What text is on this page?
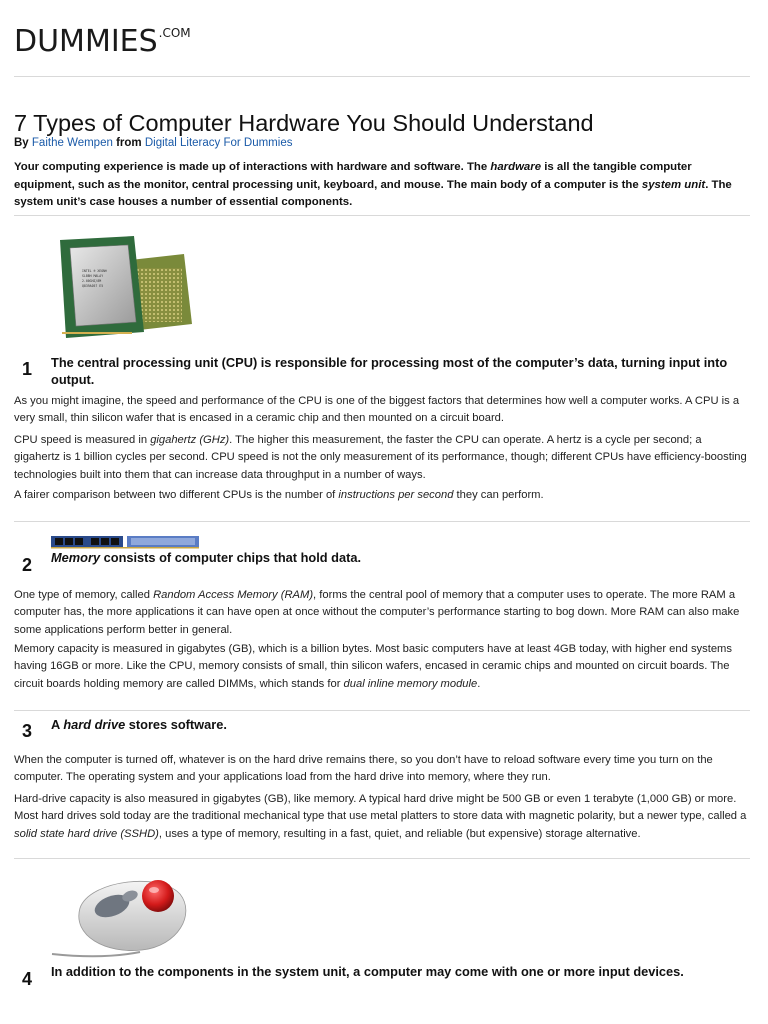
$DUMMIES^{.COM}$
7 Types of Computer Hardware You Should Understand
By Faithe Wempen from Digital Literacy For Dummies

Your computing experience is made up of interactions with hardware and software. The hardware is all the tangible computer equipment, such as the monitor, central processing unit, keyboard, and mouse. The main body of a computer is the system unit. The system unit’s case houses a number of essential components.

INTEL ® XEON®
SLBBH MALAY
2.00GHZ/8M
Q839A057 E5
1 The central processing unit (CPU) is responsible for processing most of the computer’s data, turning input into output.

As you might imagine, the speed and performance of the CPU is one of the biggest factors that determines how well a computer works. A CPU is a very small, thin silicon wafer that is encased in a ceramic chip and then mounted on a circuit board.

CPU speed is measured in gigahertz (GHz). The higher this measurement, the faster the CPU can operate. A hertz is a cycle per second; a gigahertz is 1 billion cycles per second. CPU speed is not the only measurement of its performance, though; different CPUs have efficiency-boosting technologies built into them that can increase data throughput in a number of ways.

A fairer comparison between two different CPUs is the number of instructions per second they can perform.

2 Memory consists of computer chips that hold data.

One type of memory, called Random Access Memory (RAM), forms the central pool of memory that a computer uses to operate. The more RAM a computer has, the more applications it can have open at once without the computer’s performance starting to bog down. More RAM can also make some applications perform better in general.

Memory capacity is measured in gigabytes (GB), which is a billion bytes. Most basic computers have at least 4GB today, with higher end systems having 16GB or more. Like the CPU, memory consists of small, thin silicon wafers, encased in ceramic chips and mounted on circuit boards. The circuit boards holding memory are called DIMMs, which stands for dual inline memory module.

3 A hard drive stores software.

When the computer is turned off, whatever is on the hard drive remains there, so you don’t have to reload software every time you turn on the computer. The operating system and your applications load from the hard drive into memory, where they run.

Hard-drive capacity is also measured in gigabytes (GB), like memory. A typical hard drive might be 500 GB or even 1 terabyte (1,000 GB) or more. Most hard drives sold today are the traditional mechanical type that use metal platters to store data with magnetic polarity, but a newer type, called a solid state hard drive (SSHD), uses a type of memory, resulting in a fast, quiet, and reliable (but expensive) storage alternative.

4 In addition to the components in the system unit, a computer may come with one or more input devices.
